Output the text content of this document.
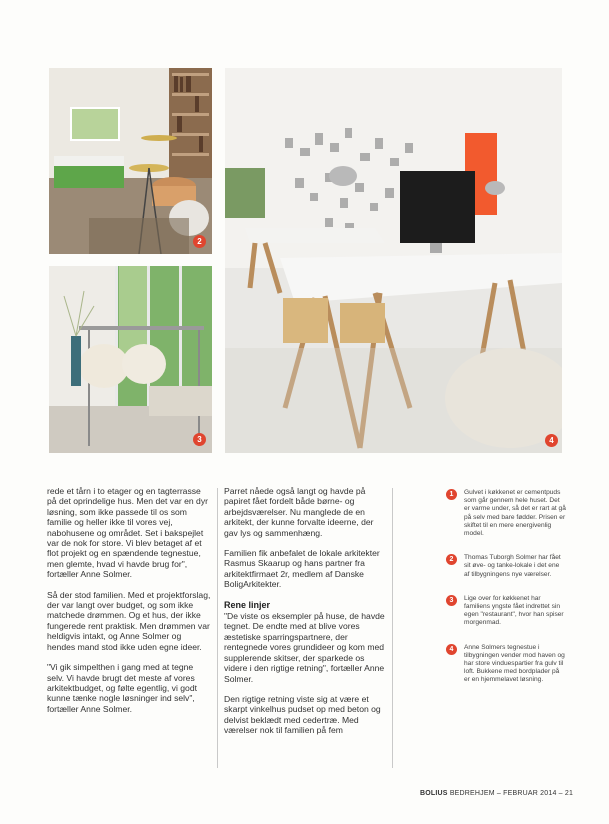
2
3	4

rede et tårn i to etager og en tagterrasse på det oprindelige hus. Men det var en dyr løsning, som ikke passede til os som familie og heller ikke til vores vej, nabohusene og området. Set i bakspejlet var de nok for store. Vi blev betaget af et flot projekt og en spændende tegnestue, men glemte, hvad vi havde brug for", fortæller Anne Solmer.

Så der stod familien. Med et projektforslag, der var langt over budget, og som ikke matchede drømmen. Og et hus, der ikke fungerede rent praktisk. Men drømmen var heldigvis intakt, og Anne Solmer og hendes mand stod ikke uden egne ideer.

"Vi gik simpelthen i gang med at tegne selv. Vi havde brugt det meste af vores arkitektbudget, og følte egentlig, vi godt kunne tænke nogle løsninger ind selv", fortæller Anne Solmer.

Parret nåede også langt og havde på papiret fået fordelt både børne- og arbejdsværelser. Nu manglede de en arkitekt, der kunne forvalte ideerne, der gav lys og sammenhæng.

Familien fik anbefalet de lokale arkitekter Rasmus Skaarup og hans partner fra arkitektfirmaet 2r, medlem af Danske BoligArkitekter.

Rene linjer

"De viste os eksempler på huse, de havde tegnet. De endte med at blive vores æstetiske sparringspartnere, der rentegnede vores grundideer og kom med supplerende skitser, der sparkede os videre i den rigtige retning", fortæller Anne Solmer.

Den rigtige retning viste sig at være et skarpt vinkelhus pudset op med beton og delvist beklædt med cedertræ. Med værelser nok til familien på fem

1	Gulvet i køkkenet er cementpuds som går gennem hele huset. Det er varme under, så det er rart at gå på selv med bare fødder. Prisen er skiftet til en mere energivenlig model.
2	Thomas Tuborgh Solmer har fået sit øve- og tanke-lokale i det ene af tilbygningens nye værelser.
3	Lige over for køkkenet har familiens yngste fået indrettet sin egen "restaurant", hvor han spiser morgenmad.
4	Anne Solmers tegnestue i tilbygningen vender mod haven og har store vinduespartier fra gulv til loft. Bukkene med bordplader på er en hjemmelavet løsning.
BOLIUS BEDREHJEM – FEBRUAR 2014 – 21
